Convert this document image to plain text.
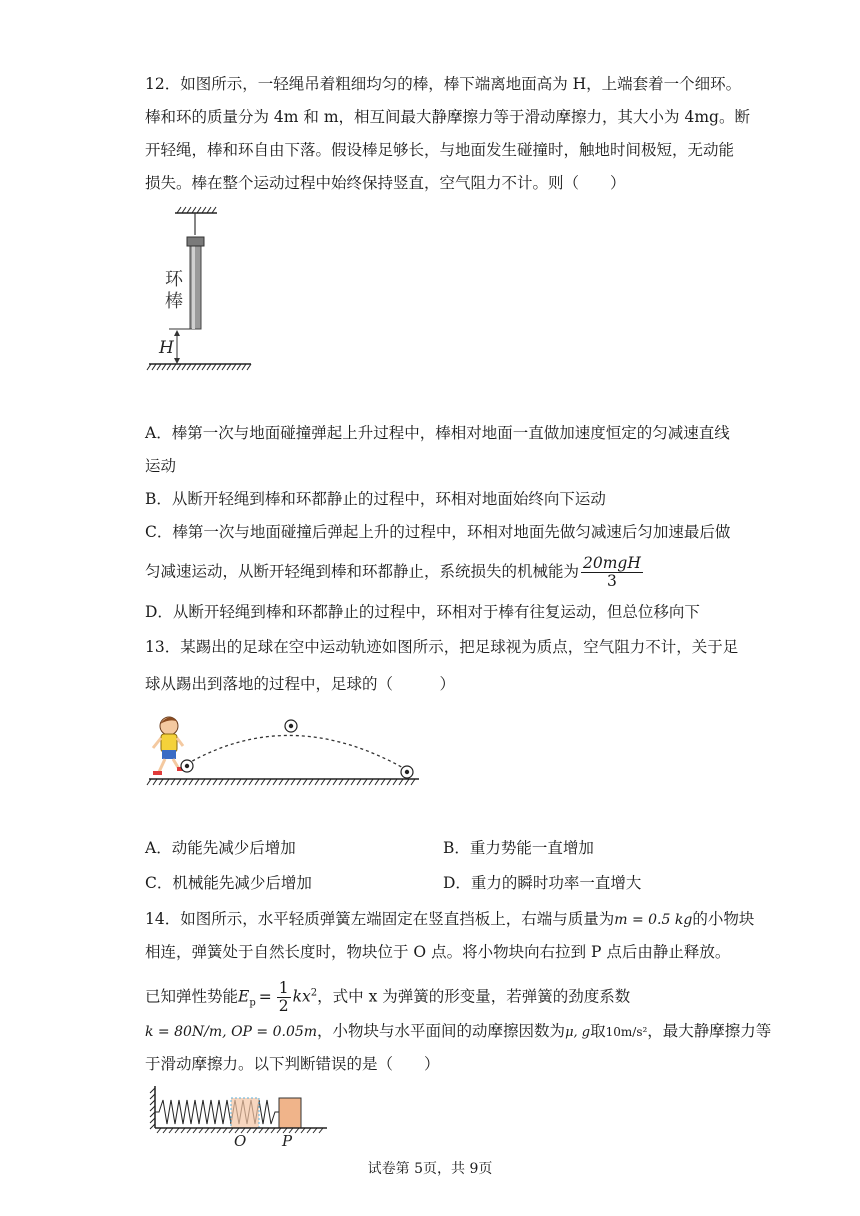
12．如图所示，一轻绳吊着粗细均匀的棒，棒下端离地面高为 H，上端套着一个细环。
棒和环的质量分为 4m 和 m，相互间最大静摩擦力等于滑动摩擦力，其大小为 4mg。断
开轻绳，棒和环自由下落。假设棒足够长，与地面发生碰撞时，触地时间极短，无动能
损失。棒在整个运动过程中始终保持竖直，空气阻力不计。则（　　）
环
棒
H
A．棒第一次与地面碰撞弹起上升过程中，棒相对地面一直做加速度恒定的匀减速直线
运动
B．从断开轻绳到棒和环都静止的过程中，环相对地面始终向下运动
C．棒第一次与地面碰撞后弹起上升的过程中，环相对地面先做匀减速后匀加速最后做
匀减速运动，从断开轻绳到棒和环都静止，系统损失的机械能为 $\frac{\text{20mgH}}{3}$
D．从断开轻绳到棒和环都静止的过程中，环相对于棒有往复运动，但总位移向下
13．某踢出的足球在空中运动轨迹如图所示，把足球视为质点，空气阻力不计，关于足
球从踢出到落地的过程中，足球的（　　　）
A．动能先减少后增加	B．重力势能一直增加
C．机械能先减少后增加	D．重力的瞬时功率一直增大
14．如图所示，水平轻质弹簧左端固定在竖直挡板上，右端与质量为m = 0.5 kg的小物块
相连，弹簧处于自然长度时，物块位于 O 点。将小物块向右拉到 P 点后由静止释放。
已知弹性势能$E_p = \frac{1}{2} kx^2$，式中 x 为弹簧的形变量，若弹簧的劲度系数
k = 80N/m, OP = 0.05m，小物块与水平面间的动摩擦因数为μ, g取10m/s²，最大静摩擦力等
于滑动摩擦力。以下判断错误的是（　　）
O P
试卷第 5页，共 9页
